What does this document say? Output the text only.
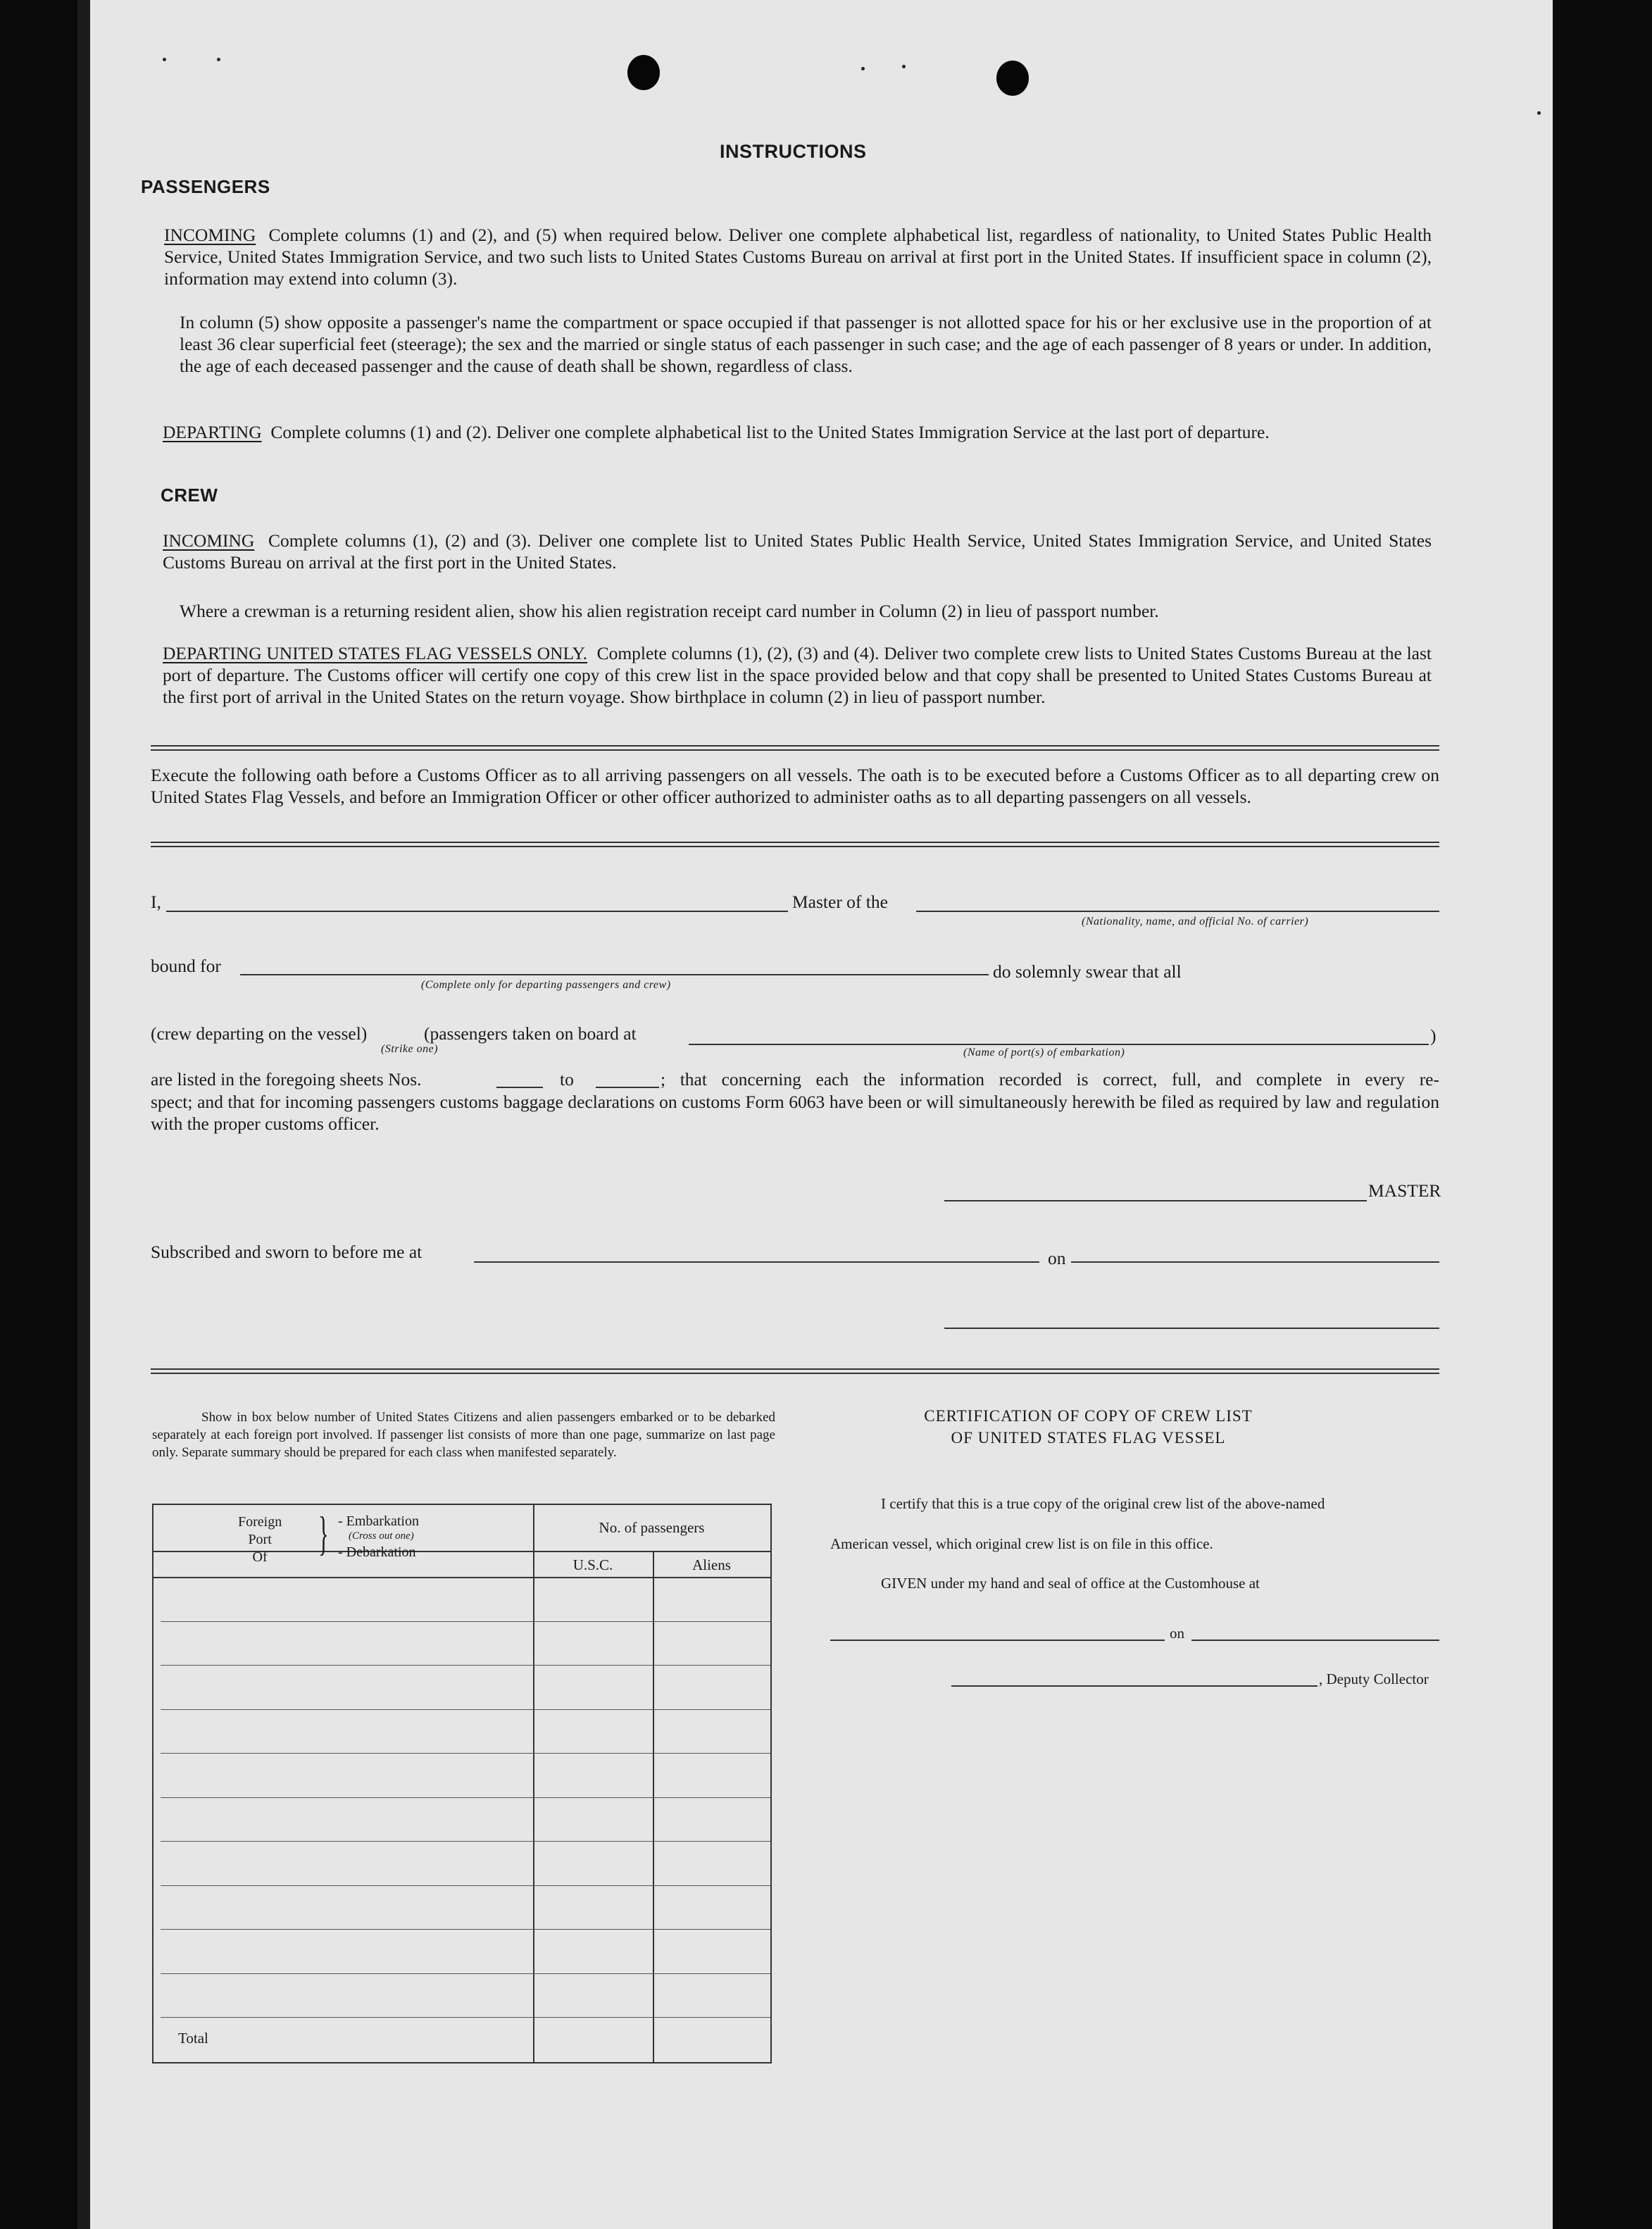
INSTRUCTIONS
PASSENGERS
INCOMING Complete columns (1) and (2), and (5) when required below. Deliver one complete alphabetical list, regardless of nationality, to United States Public Health Service, United States Immigration Service, and two such lists to United States Customs Bureau on arrival at first port in the United States. If insufficient space in column (2), information may extend into column (3).
In column (5) show opposite a passenger's name the compartment or space occupied if that passenger is not allotted space for his or her exclusive use in the proportion of at least 36 clear superficial feet (steerage); the sex and the married or single status of each passenger in such case; and the age of each passenger of 8 years or under. In addition, the age of each deceased passenger and the cause of death shall be shown, regardless of class.
DEPARTING Complete columns (1) and (2). Deliver one complete alphabetical list to the United States Immigration Service at the last port of departure.
CREW
INCOMING Complete columns (1), (2) and (3). Deliver one complete list to United States Public Health Service, United States Immigration Service, and United States Customs Bureau on arrival at the first port in the United States.
Where a crewman is a returning resident alien, show his alien registration receipt card number in Column (2) in lieu of passport number.
DEPARTING UNITED STATES FLAG VESSELS ONLY. Complete columns (1), (2), (3) and (4). Deliver two complete crew lists to United States Customs Bureau at the last port of departure. The Customs officer will certify one copy of this crew list in the space provided below and that copy shall be presented to United States Customs Bureau at the first port of arrival in the United States on the return voyage. Show birthplace in column (2) in lieu of passport number.
Execute the following oath before a Customs Officer as to all arriving passengers on all vessels. The oath is to be executed before a Customs Officer as to all departing crew on United States Flag Vessels, and before an Immigration Officer or other officer authorized to administer oaths as to all departing passengers on all vessels.
I,	Master of the
(Nationality, name, and official No. of carrier)
bound for
(Complete only for departing passengers and crew)
do solemnly swear that all
(crew departing on the vessel)
(Strike one)
(passengers taken on board at	)
(Name of port(s) of embarkation)
are listed in the foregoing sheets Nos.	to	; that concerning each the information recorded is correct, full, and complete in every re-
spect; and that for incoming passengers customs baggage declarations on customs Form 6063 have been or will simultaneously herewith be filed as required by law and regulation with the proper customs officer.
MASTER
Subscribed and sworn to before me at	on
Show in box below number of United States Citizens and alien passengers embarked or to be debarked separately at each foreign port involved. If passenger list consists of more than one page, summarize on last page only. Separate summary should be prepared for each class when manifested separately.
Foreign
Port
Of	} - Embarkation
(Cross out one)
- Debarkation
No. of passengers
U.S.C.	Aliens
Total
CERTIFICATION OF COPY OF CREW LIST
OF UNITED STATES FLAG VESSEL
I certify that this is a true copy of the original crew list of the above-named
American vessel, which original crew list is on file in this office.
GIVEN under my hand and seal of office at the Customhouse at
on
, Deputy Collector
